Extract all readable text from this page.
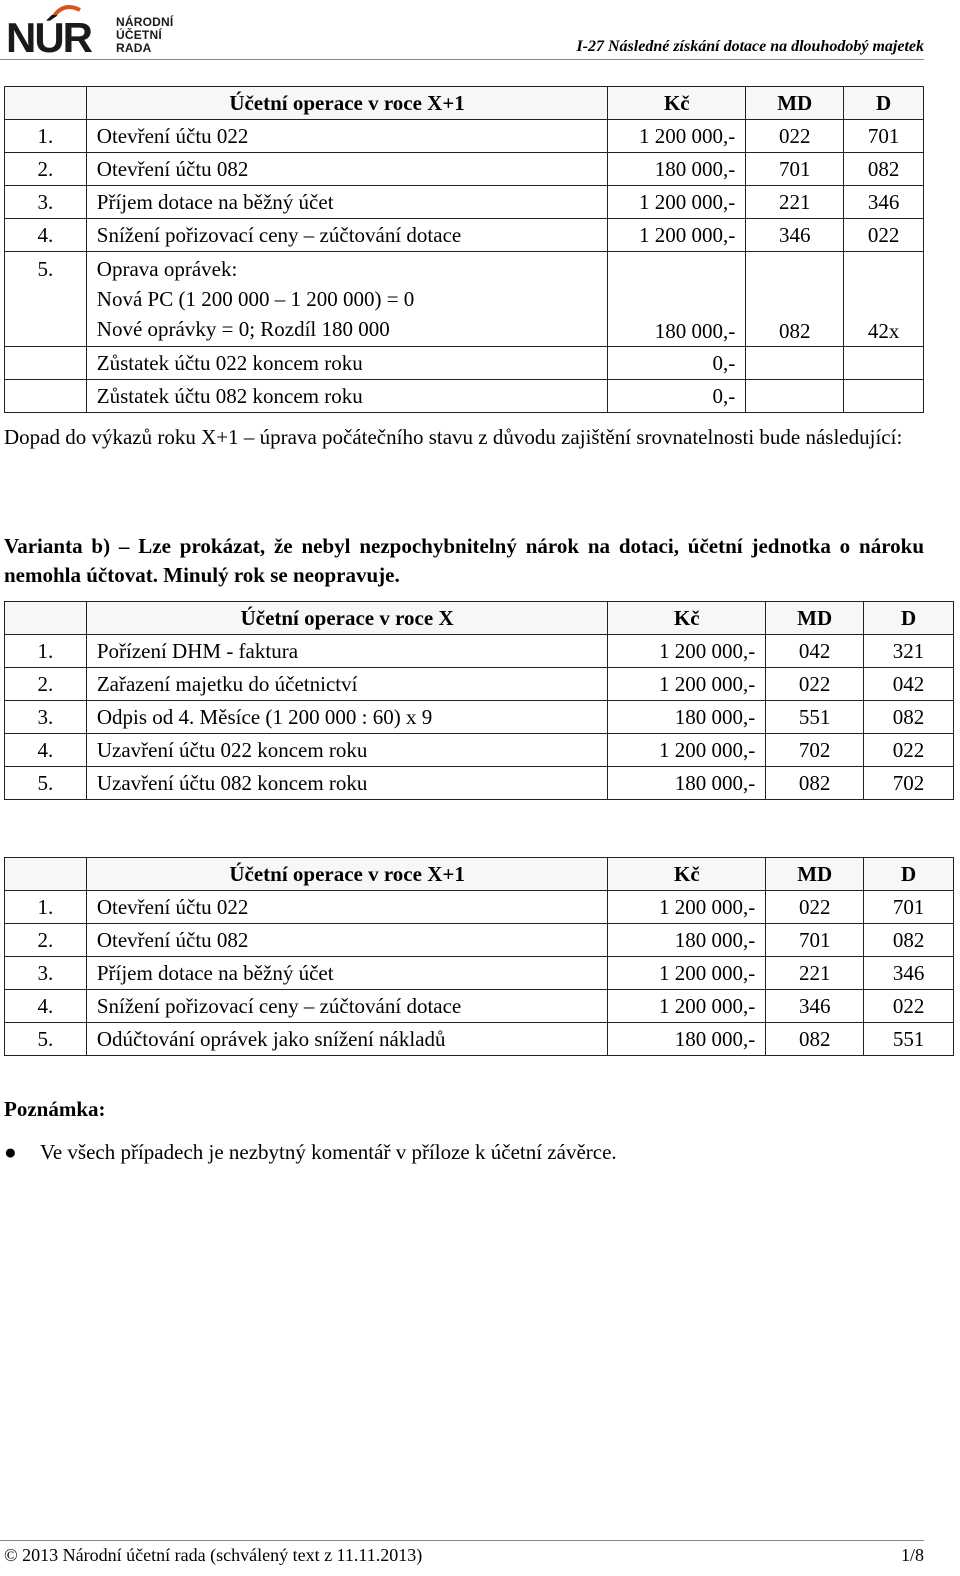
NÚR NÁRODNÍ
ÚČETNÍ
RADA	I-27 Následné získání dotace na dlouhodobý majetek
	Účetní operace v roce X+1	Kč	MD	D
1.	Otevření účtu 022	1 200 000,-	022	701
2.	Otevření účtu 082	180 000,-	701	082
3.	Příjem dotace na běžný účet	1 200 000,-	221	346
4.	Snížení pořizovací ceny – zúčtování dotace	1 200 000,-	346	022
5.	Oprava oprávek:
Nová PC (1 200 000 – 1 200 000) = 0
Nové oprávky = 0; Rozdíl 180 000	180 000,-	082	42x
	Zůstatek účtu 022 koncem roku	0,-		
	Zůstatek účtu 082 koncem roku	0,-		
Dopad do výkazů roku X+1 – úprava počátečního stavu z důvodu zajištění srovnatelnosti bude následující:
Varianta b) – Lze prokázat, že nebyl nezpochybnitelný nárok na dotaci, účetní jednotka o nároku nemohla účtovat. Minulý rok se neopravuje.
	Účetní operace v roce X	Kč	MD	D
1.	Pořízení DHM - faktura	1 200 000,-	042	321
2.	Zařazení majetku do účetnictví	1 200 000,-	022	042
3.	Odpis od 4. Měsíce (1 200 000 : 60) x 9	180 000,-	551	082
4.	Uzavření účtu 022 koncem roku	1 200 000,-	702	022
5.	Uzavření účtu 082 koncem roku	180 000,-	082	702
	Účetní operace v roce X+1	Kč	MD	D
1.	Otevření účtu 022	1 200 000,-	022	701
2.	Otevření účtu 082	180 000,-	701	082
3.	Příjem dotace na běžný účet	1 200 000,-	221	346
4.	Snížení pořizovací ceny – zúčtování dotace	1 200 000,-	346	022
5.	Odúčtování oprávek jako snížení nákladů	180 000,-	082	551
Poznámka:
●	Ve všech případech je nezbytný komentář v příloze k účetní závěrce.
© 2013 Národní účetní rada (schválený text z 11.11.2013)	1/8
